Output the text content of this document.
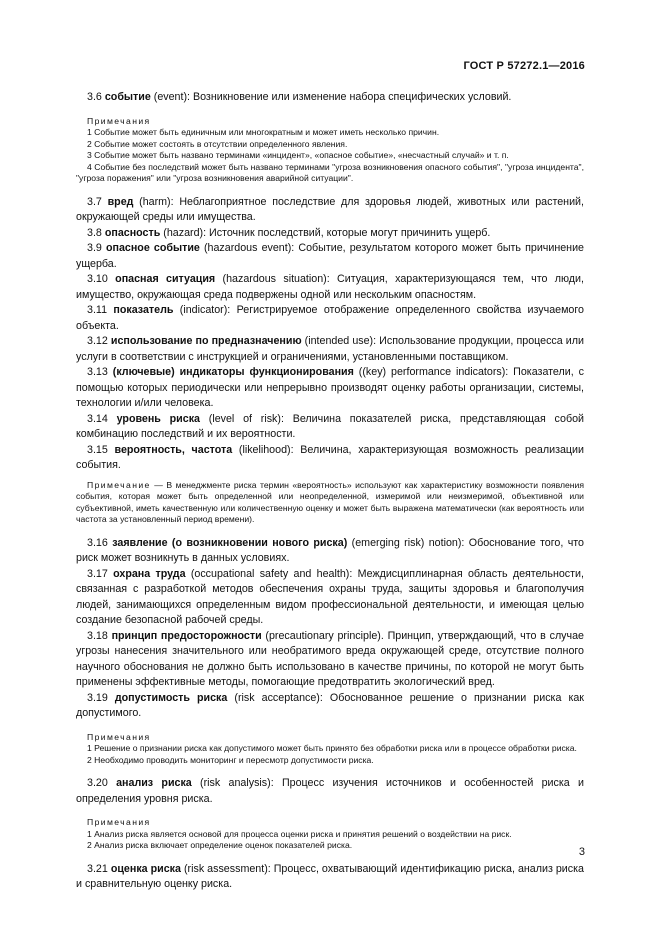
ГОСТ Р 57272.1—2016

3.6 событие (event): Возникновение или изменение набора специфических условий.

Примечания

1 Событие может быть единичным или многократным и может иметь несколько причин.

2 Событие может состоять в отсутствии определенного явления.

3 Событие может быть названо терминами «инцидент», «опасное событие», «несчастный случай» и т. п.

4 Событие без последствий может быть названо терминами "угроза возникновения опасного события", "угроза инцидента", "угроза поражения" или "угроза возникновения аварийной ситуации".

3.7 вред (harm): Неблагоприятное последствие для здоровья людей, животных или растений, окружающей среды или имущества.

3.8 опасность (hazard): Источник последствий, которые могут причинить ущерб.

3.9 опасное событие (hazardous event): Событие, результатом которого может быть причинение ущерба.

3.10 опасная ситуация (hazardous situation): Ситуация, характеризующаяся тем, что люди, имущество, окружающая среда подвержены одной или нескольким опасностям.

3.11 показатель (indicator): Регистрируемое отображение определенного свойства изучаемого объекта.

3.12 использование по предназначению (intended use): Использование продукции, процесса или услуги в соответствии с инструкцией и ограничениями, установленными поставщиком.

3.13 (ключевые) индикаторы функционирования ((key) performance indicators): Показатели, с помощью которых периодически или непрерывно производят оценку работы организации, системы, технологии и/или человека.

3.14 уровень риска (level of risk): Величина показателей риска, представляющая собой комбинацию последствий и их вероятности.

3.15 вероятность, частота (likelihood): Величина, характеризующая возможность реализации события.

Примечание — В менеджменте риска термин «вероятность» используют как характеристику возможности появления события, которая может быть определенной или неопределенной, измеримой или неизмеримой, объективной или субъективной, иметь качественную или количественную оценку и может быть выражена математически (как вероятность или частота за установленный период времени).

3.16 заявление (о возникновении нового риска) (emerging risk) notion): Обоснование того, что риск может возникнуть в данных условиях.

3.17 охрана труда (occupational safety and health): Междисциплинарная область деятельности, связанная с разработкой методов обеспечения охраны труда, защиты здоровья и благополучия людей, занимающихся определенным видом профессиональной деятельности, и имеющая целью создание безопасной рабочей среды.

3.18 принцип предосторожности (precautionary principle). Принцип, утверждающий, что в случае угрозы нанесения значительного или необратимого вреда окружающей среде, отсутствие полного научного обоснования не должно быть использовано в качестве причины, по которой не могут быть применены эффективные методы, помогающие предотвратить экологический вред.

3.19 допустимость риска (risk acceptance): Обоснованное решение о признании риска как допустимого.

Примечания

1 Решение о признании риска как допустимого может быть принято без обработки риска или в процессе обработки риска.

2 Необходимо проводить мониторинг и пересмотр допустимости риска.

3.20 анализ риска (risk analysis): Процесс изучения источников и особенностей риска и определения уровня риска.

Примечания

1 Анализ риска является основой для процесса оценки риска и принятия решений о воздействии на риск.

2 Анализ риска включает определение оценок показателей риска.

3.21 оценка риска (risk assessment): Процесс, охватывающий идентификацию риска, анализ риска и сравнительную оценку риска.

3
